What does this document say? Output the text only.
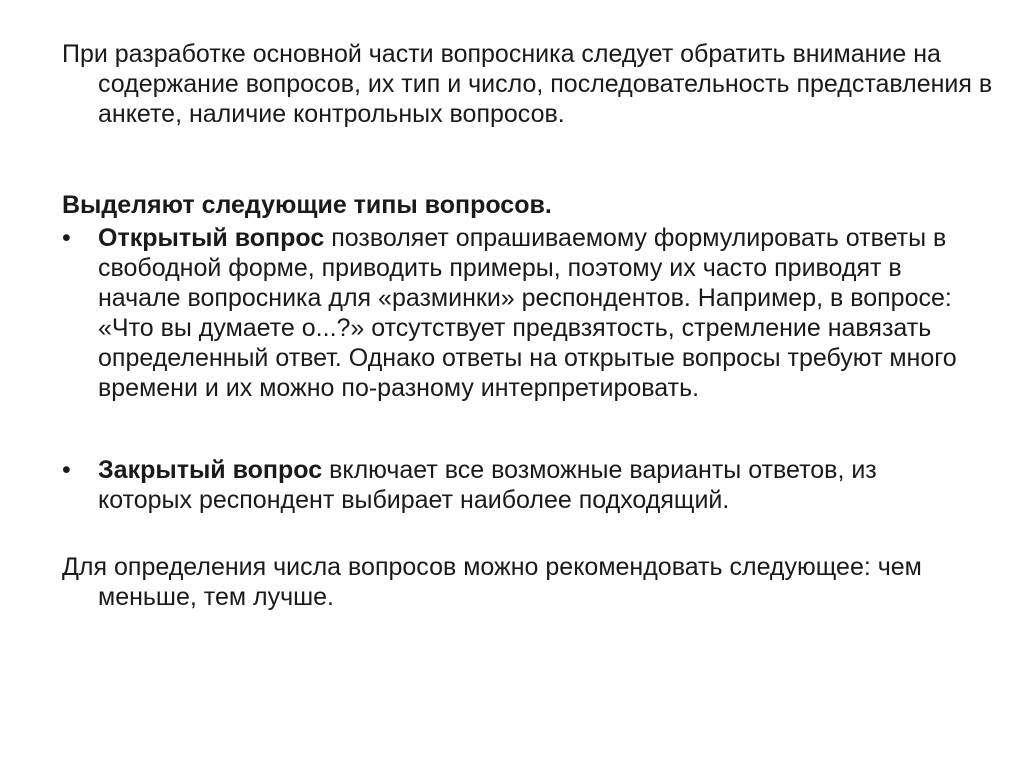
При разработке основной части вопросника следует обратить внимание на содержание вопросов, их тип и число, последовательность представления в анкете, наличие контрольных вопросов.

Выделяют следующие типы вопросов.

•	Открытый вопрос позволяет опрашиваемому формулировать ответы в свободной форме, приводить примеры, поэтому их часто приводят в начале вопросника для «разминки» респондентов. Например, в вопросе: «Что вы думаете о...?» отсутствует предвзятость, стремление навязать определенный ответ. Однако ответы на открытые вопросы требуют много времени и их можно по-разному интерпретировать.
•	Закрытый вопрос включает все возможные варианты ответов, из которых респондент выбирает наиболее подходящий.

Для определения числа вопросов можно рекомендовать следующее: чем меньше, тем лучше.
